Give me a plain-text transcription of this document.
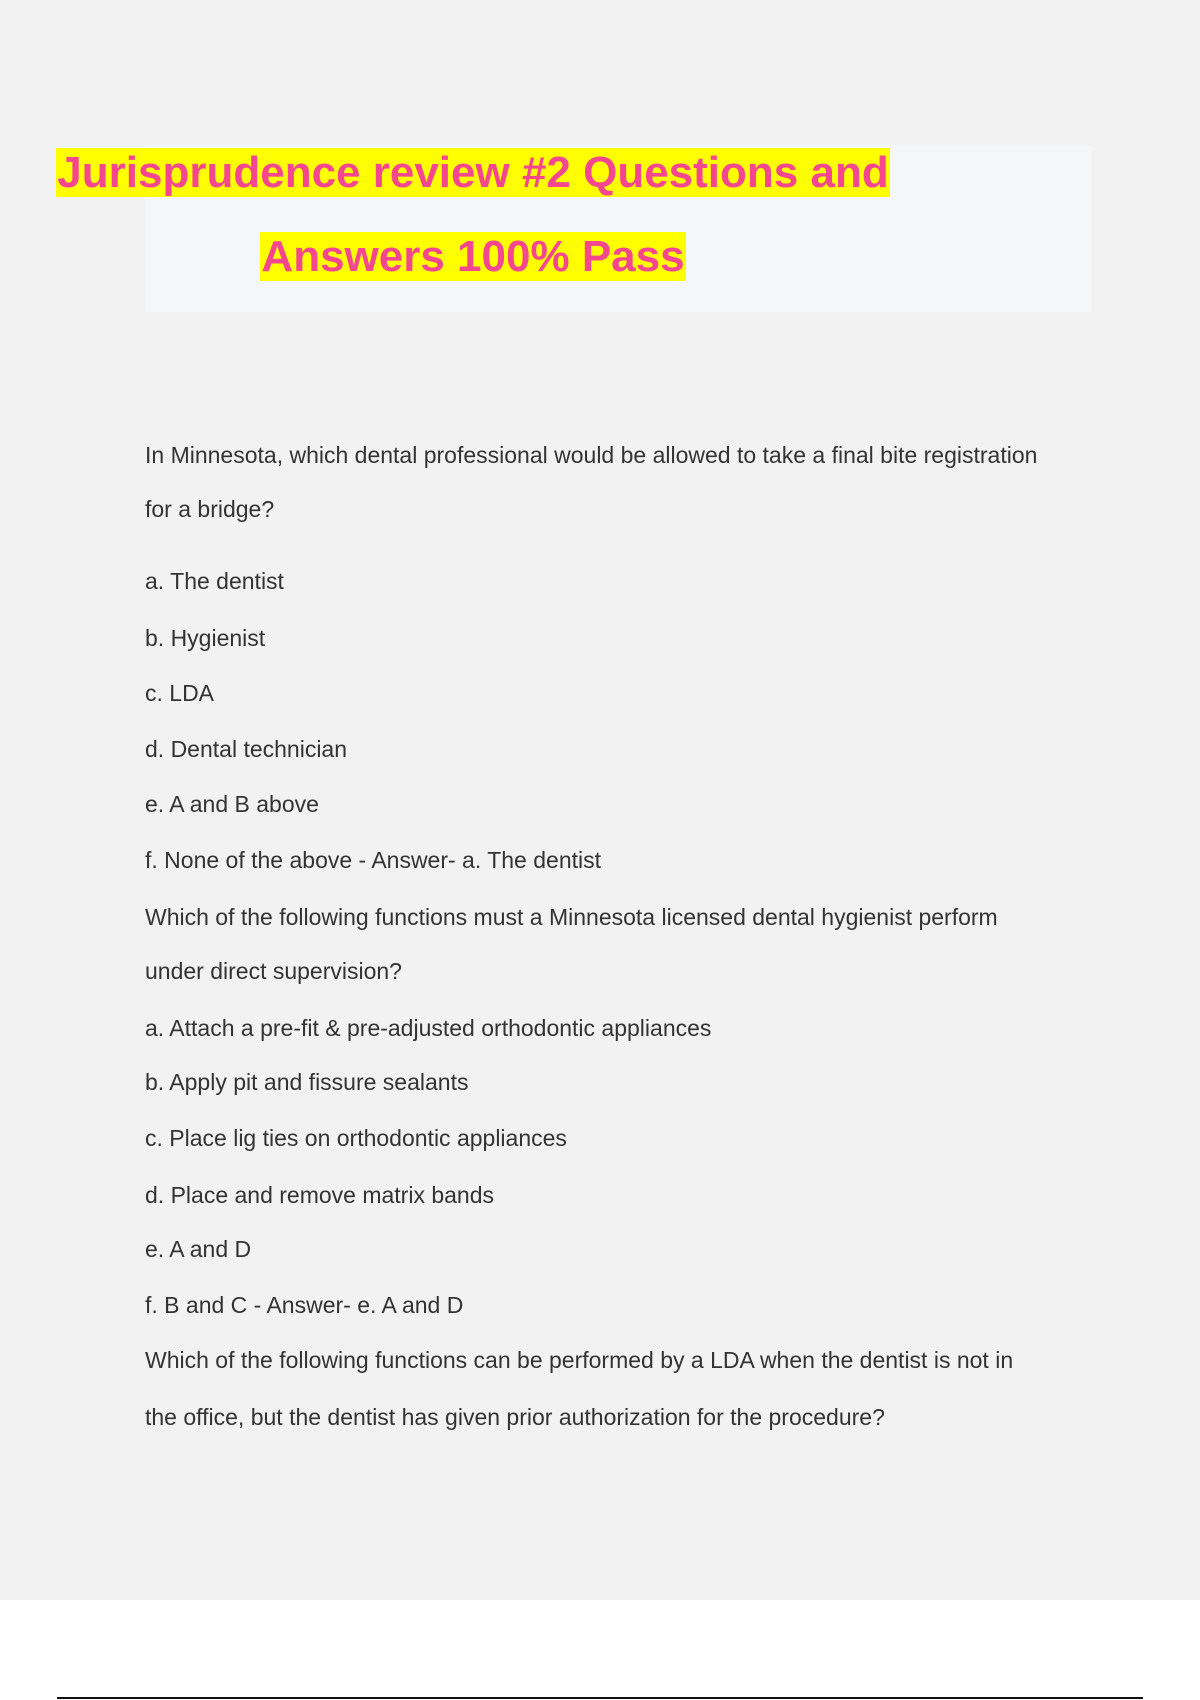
Jurisprudence review #2 Questions and
Answers 100% Pass
In Minnesota, which dental professional would be allowed to take a final bite registration
for a bridge?
a. The dentist
b. Hygienist
c. LDA
d. Dental technician
e. A and B above
f. None of the above - Answer- a. The dentist
Which of the following functions must a Minnesota licensed dental hygienist perform
under direct supervision?
a. Attach a pre-fit & pre-adjusted orthodontic appliances
b. Apply pit and fissure sealants
c. Place lig ties on orthodontic appliances
d. Place and remove matrix bands
e. A and D
f. B and C - Answer- e. A and D
Which of the following functions can be performed by a LDA when the dentist is not in
the office, but the dentist has given prior authorization for the procedure?
